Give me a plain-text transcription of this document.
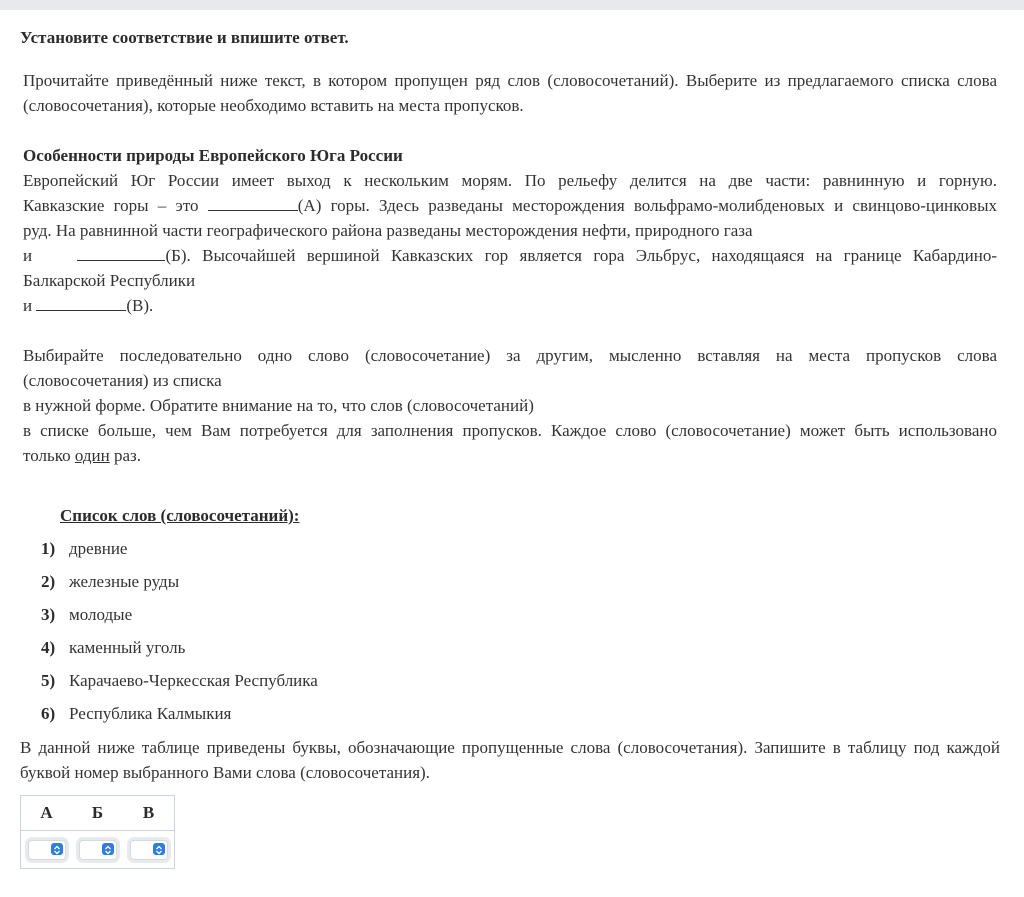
Установите соответствие и впишите ответ.

Прочитайте приведённый ниже текст, в котором пропущен ряд слов (словосочетаний). Выберите из предлагаемого списка слова (словосочетания), которые необходимо вставить на места пропусков.

Особенности природы Европейского Юга России
Европейский Юг России имеет выход к нескольким морям. По рельефу делится на две части: равнинную и горную.
Кавказские горы – это	(А) горы. Здесь разведаны месторождения вольфрамо-молибденовых и свинцово-цинковых
руд. На равнинной части географического района разведаны месторождения нефти, природного газа
и	(Б). Высочайшей вершиной Кавказских гор является гора Эльбрус, находящаяся на границе Кабардино-
Балкарской Республики
и	(В).
Выбирайте последовательно одно слово (словосочетание) за другим, мысленно вставляя на места пропусков слова
(словосочетания) из списка
в нужной форме. Обратите внимание на то, что слов (словосочетаний)
в списке больше, чем Вам потребуется для заполнения пропусков. Каждое слово (словосочетание) может быть использовано
только один раз.
Список слов (словосочетаний):
1) древние
2) железные руды
3) молодые
4) каменный уголь
5) Карачаево-Черкесская Республика
6) Республика Калмыкия

В данной ниже таблице приведены буквы, обозначающие пропущенные слова (словосочетания). Запишите в таблицу под каждой буквой номер выбранного Вами слова (словосочетания).

А	Б	В
